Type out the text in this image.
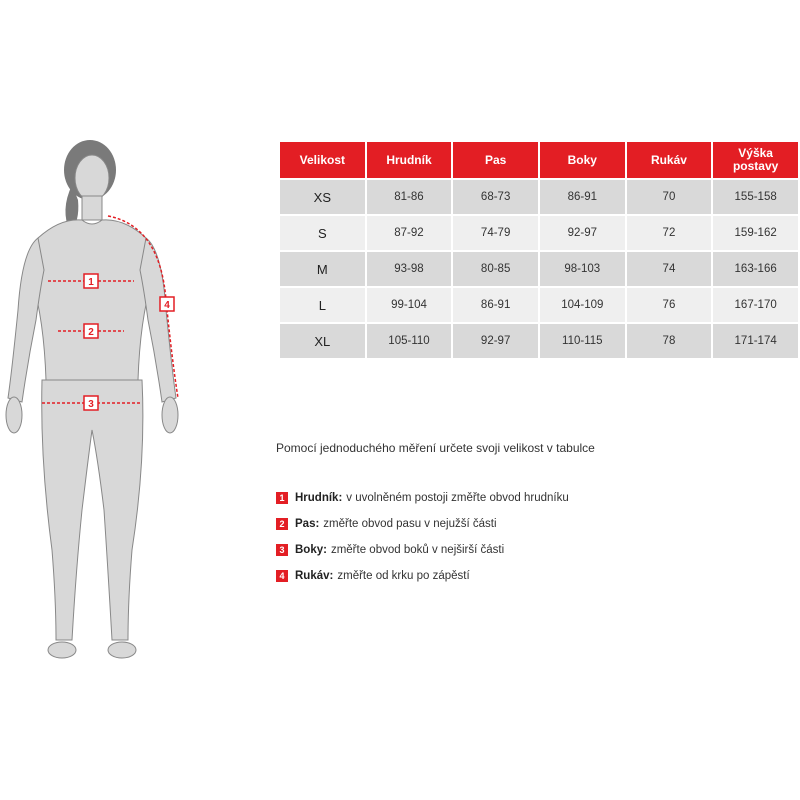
1
2
3
4
Velikost	Hrudník	Pas	Boky	Rukáv	Výška postavy
XS	81-86	68-73	86-91	70	155-158
S	87-92	74-79	92-97	72	159-162
M	93-98	80-85	98-103	74	163-166
L	99-104	86-91	104-109	76	167-170
XL	105-110	92-97	110-115	78	171-174
Pomocí jednoduchého měření určete svoji velikost v tabulce
1 Hrudník: v uvolněném postoji změřte obvod hrudníku
2 Pas: změřte obvod pasu v nejužší části
3 Boky: změřte obvod boků v nejširší části
4 Rukáv: změřte od krku po zápěstí
